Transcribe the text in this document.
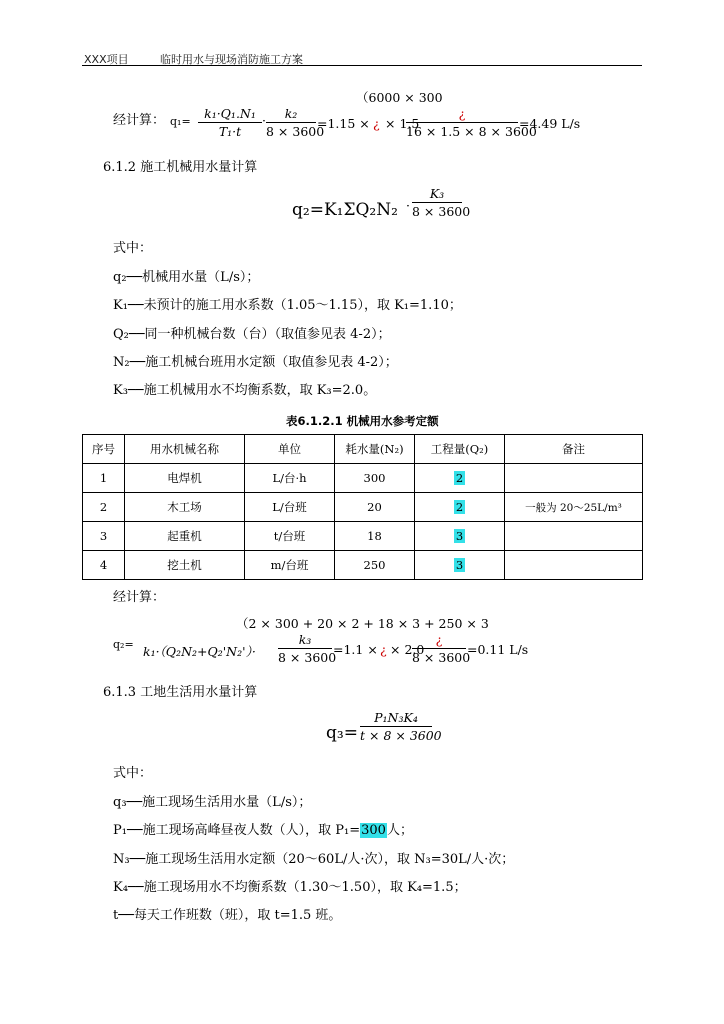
XXX项目	临时用水与现场消防施工方案
（6000 × 300
经计算： q₁=
k₁·Q₁.N₁
T₁·t
·	k₂
8 × 3600
=1.15 × ¿ × 1.5
¿
16 × 1.5 × 8 × 3600
=4.49 L/s
6.1.2 施工机械用水量计算
q₂=K₁ΣQ₂N₂ ·
K₃
8 × 3600
式中：
q₂──机械用水量（L/s）；
K₁──未预计的施工用水系数（1.05～1.15），取 K₁=1.10；
Q₂──同一种机械台数（台）（取值参见表 4-2）；
N₂──施工机械台班用水定额（取值参见表 4-2）；
K₃──施工机械用水不均衡系数，取 K₃=2.0。
表6.1.2.1 机械用水参考定额
序号	用水机械名称	单位	耗水量(N₂)	工程量(Q₂)	备注
1	电焊机	L/台·h	300	2	
2	木工场	L/台班	20	2	一般为 20～25L/m³
3	起重机	t/台班	18	3	
4	挖土机	m/台班	250	3	
经计算：
（2 × 300 + 20 × 2 + 18 × 3 + 250 × 3
q₂= k₁·（Q₂N₂+Q₂'N₂'）·
k₃
8 × 3600
=1.1 × ¿ × 2.0
¿
8 × 3600
=0.11 L/s
6.1.3 工地生活用水量计算
q₃=
P₁N₃K₄
t × 8 × 3600
式中：
q₃──施工现场生活用水量（L/s）；
P₁──施工现场高峰昼夜人数（人），取 P₁=300人；
N₃──施工现场生活用水定额（20～60L/人·次），取 N₃=30L/人·次；
K₄──施工现场用水不均衡系数（1.30～1.50），取 K₄=1.5；
t──每天工作班数（班），取 t=1.5 班。
